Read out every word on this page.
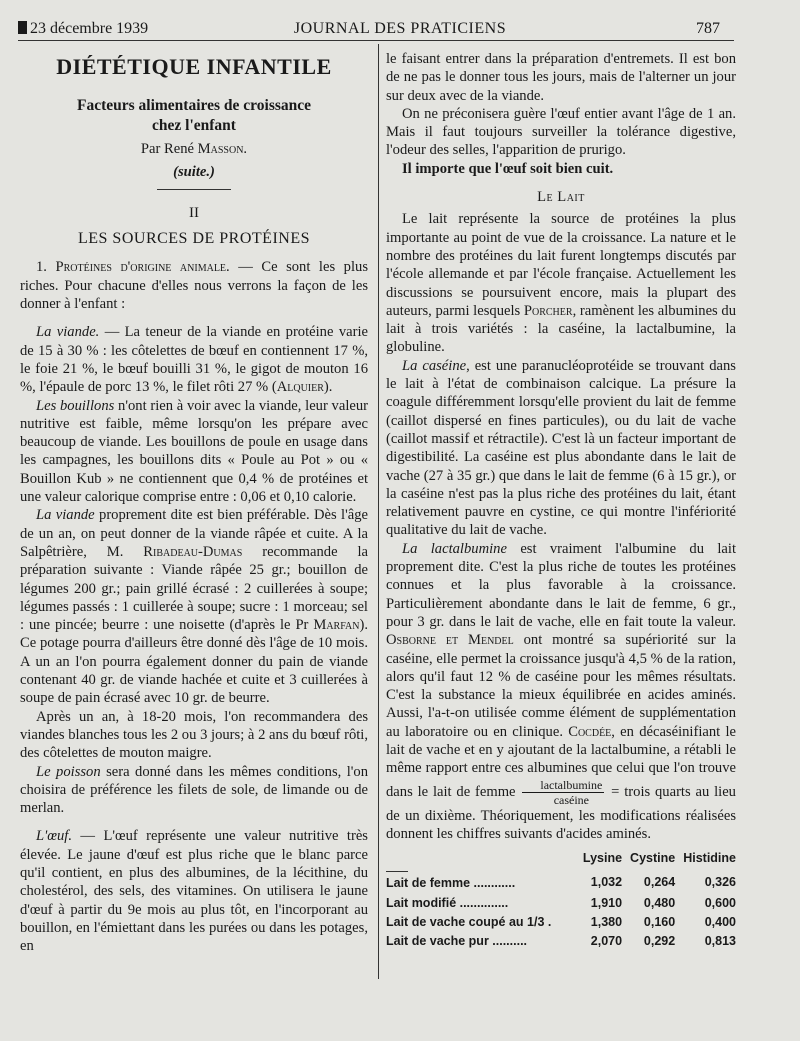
23 décembre 1939	JOURNAL DES PRATICIENS	787
DIÉTÉTIQUE INFANTILE
Facteurs alimentaires de croissance
chez l'enfant
Par René Masson.
(suite.)
II
LES SOURCES DE PROTÉINES

1. Protéines d'origine animale. — Ce sont les plus riches. Pour chacune d'elles nous verrons la façon de les donner à l'enfant :

La viande. — La teneur de la viande en protéine varie de 15 à 30 % : les côtelettes de bœuf en contiennent 17 %, le foie 21 %, le bœuf bouilli 31 %, le gigot de mouton 16 %, l'épaule de porc 13 %, le filet rôti 27 % (Alquier).

Les bouillons n'ont rien à voir avec la viande, leur valeur nutritive est faible, même lorsqu'on les prépare avec beaucoup de viande. Les bouillons de poule en usage dans les campagnes, les bouillons dits « Poule au Pot » ou « Bouillon Kub » ne contiennent que 0,4 % de protéines et une valeur calorique comprise entre : 0,06 et 0,10 calorie.

La viande proprement dite est bien préférable. Dès l'âge de un an, on peut donner de la viande râpée et cuite. A la Salpêtrière, M. Ribadeau-Dumas recommande la préparation suivante : Viande râpée 25 gr.; bouillon de légumes 200 gr.; pain grillé écrasé : 2 cuillerées à soupe; légumes passés : 1 cuillerée à soupe; sucre : 1 morceau; sel : une pincée; beurre : une noisette (d'après le Pr Marfan). Ce potage pourra d'ailleurs être donné dès l'âge de 10 mois. A un an l'on pourra également donner du pain de viande contenant 40 gr. de viande hachée et cuite et 3 cuillerées à soupe de pain écrasé avec 10 gr. de beurre.

Après un an, à 18-20 mois, l'on recommandera des viandes blanches tous les 2 ou 3 jours; à 2 ans du bœuf rôti, des côtelettes de mouton maigre.

Le poisson sera donné dans les mêmes conditions, l'on choisira de préférence les filets de sole, de limande ou de merlan.

L'œuf. — L'œuf représente une valeur nutritive très élevée. Le jaune d'œuf est plus riche que le blanc parce qu'il contient, en plus des albumines, de la lécithine, du cholestérol, des sels, des vitamines. On utilisera le jaune d'œuf à partir du 9e mois au plus tôt, en l'incorporant au bouillon, en l'émiettant dans les purées ou dans les potages, en

le faisant entrer dans la préparation d'entremets. Il est bon de ne pas le donner tous les jours, mais de l'alterner un jour sur deux avec de la viande.

On ne préconisera guère l'œuf entier avant l'âge de 1 an. Mais il faut toujours surveiller la tolérance digestive, l'odeur des selles, l'apparition de prurigo.

Il importe que l'œuf soit bien cuit.

Le Lait

Le lait représente la source de protéines la plus importante au point de vue de la croissance. La nature et le nombre des protéines du lait furent longtemps discutés par l'école allemande et par l'école française. Actuellement les discussions se poursuivent encore, mais la plupart des auteurs, parmi lesquels Porcher, ramènent les albumines du lait à trois variétés : la caséine, la lactalbumine, la globuline.

La caséine, est une paranucléoprotéide se trouvant dans le lait à l'état de combinaison calcique. La présure la coagule différemment lorsqu'elle provient du lait de femme (caillot dispersé en fines particules), ou du lait de vache (caillot massif et rétractile). C'est là un facteur important de digestibilité. La caséine est plus abondante dans le lait de vache (27 à 35 gr.) que dans le lait de femme (6 à 15 gr.), or la caséine n'est pas la plus riche des protéines du lait, étant relativement pauvre en cystine, ce qui montre l'infériorité qualitative du lait de vache.

La lactalbumine est vraiment l'albumine du lait proprement dite. C'est la plus riche de toutes les protéines connues et la plus favorable à la croissance. Particulièrement abondante dans le lait de femme, 6 gr., pour 3 gr. dans le lait de vache, elle en fait toute la valeur. Osborne et Mendel ont montré sa supériorité sur la caséine, elle permet la croissance jusqu'à 4,5 % de la ration, alors qu'il faut 12 % de caséine pour les mêmes résultats. C'est la substance la mieux équilibrée en acides aminés. Aussi, l'a-t-on utilisée comme élément de supplémentation au laboratoire ou en clinique. Cocdée, en décaséinifiant le lait de vache et en y ajoutant de la lactalbumine, a rétabli le même rapport entre ces albumines que celui que l'on trouve dans le lait de femme $\frac{\text{lactalbumine}}{\text{caséine}}$ = trois quarts au lieu de un dixième. Théoriquement, les modifications réalisées donnent les chiffres suivants d'acides aminés.

	Lysine	Cystine	Histidine

Lait de femme ............	1,032	0,264	0,326
Lait modifié ..............	1,910	0,480	0,600
Lait de vache coupé au 1/3 .	1,380	0,160	0,400
Lait de vache pur ..........	2,070	0,292	0,813
